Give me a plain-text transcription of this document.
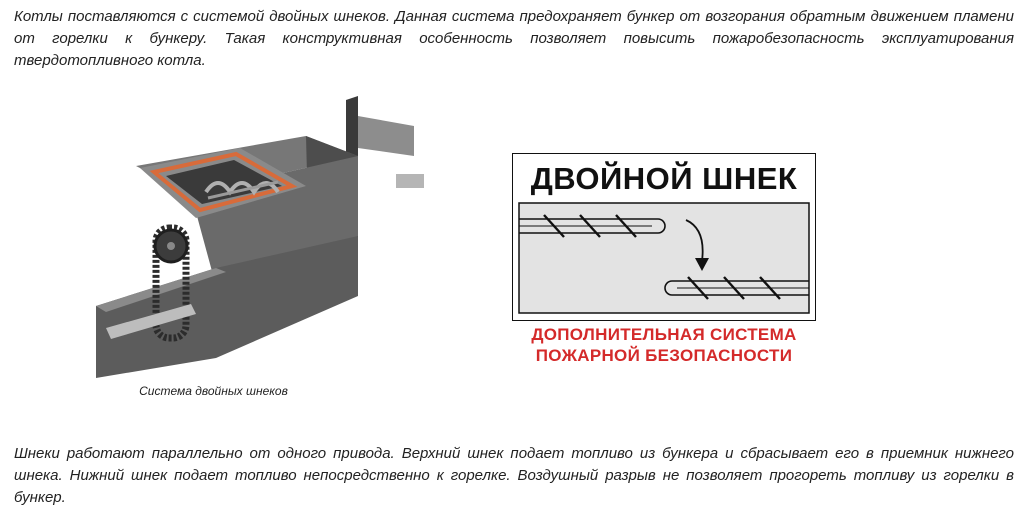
Котлы поставляются с системой двойных шнеков. Данная система предохраняет бункер от возгорания обратным движением пламени от горелки к бункеру. Такая конструктивная особенность позволяет повысить пожаробезопасность эксплуатирования твердотопливного котла.

Система двойных шнеков
ДВОЙНОЙ ШНЕК
ДОПОЛНИТЕЛЬНАЯ СИСТЕМА
ПОЖАРНОЙ БЕЗОПАСНОСТИ

Шнеки работают параллельно от одного привода. Верхний шнек подает топливо из бункера и сбрасывает его в приемник нижнего шнека. Нижний шнек подает топливо непосредственно к горелке. Воздушный разрыв не позволяет прогореть топливу из горелки в бункер.
